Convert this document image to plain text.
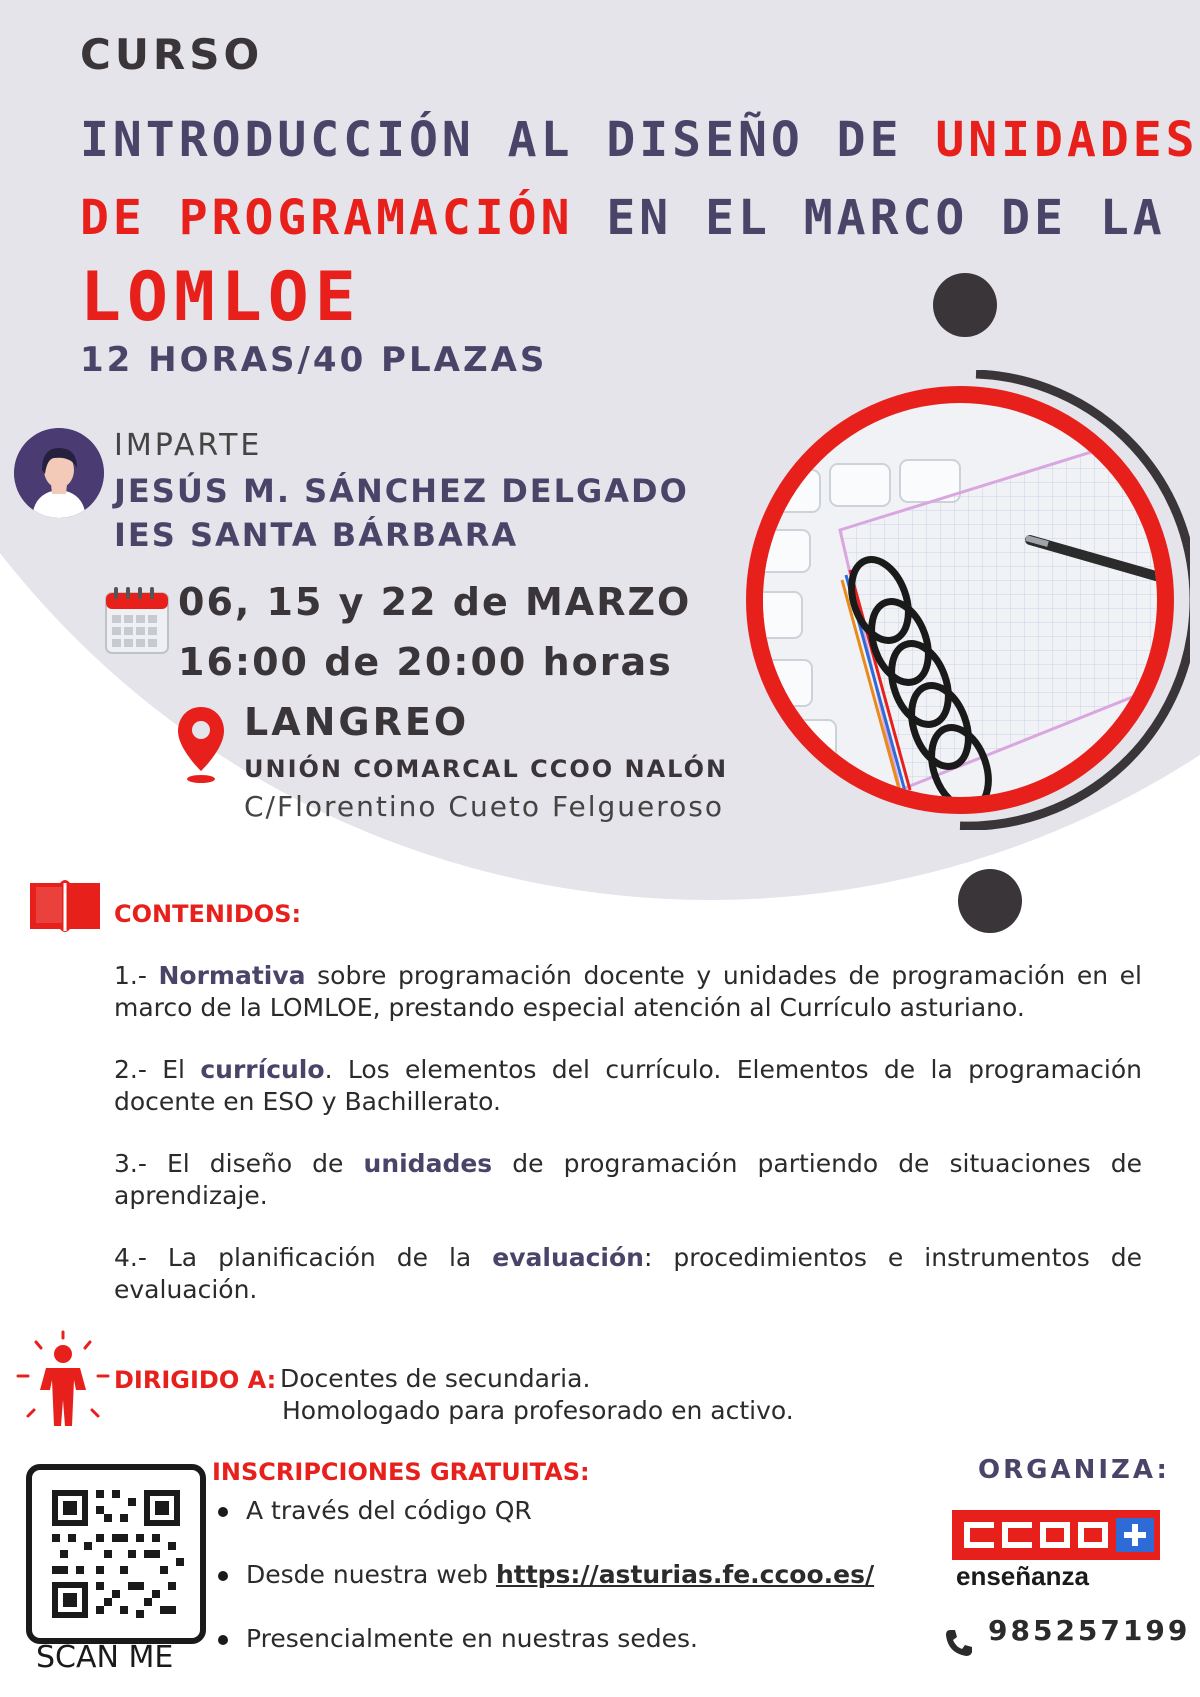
CURSO
INTRODUCCIÓN AL DISEÑO DE UNIDADES
DE PROGRAMACIÓN EN EL MARCO DE LA
LOMLOE
12 HORAS/40 PLAZAS
IMPARTE
JESÚS M. SÁNCHEZ DELGADO
IES SANTA BÁRBARA
06, 15 y 22 de MARZO
16:00 de 20:00 horas
LANGREO
UNIÓN COMARCAL CCOO NALÓN
C/Florentino Cueto Felgueroso
CONTENIDOS:

1.- Normativa sobre programación docente y unidades de programación en el marco de la LOMLOE, prestando especial atención al Currículo asturiano.

2.- El currículo. Los elementos del currículo. Elementos de la programación docente en ESO y Bachillerato.

3.- El diseño de unidades de programación partiendo de situaciones de aprendizaje.

4.- La planificación de la evaluación: procedimientos e instrumentos de evaluación.

DIRIGIDO A: Docentes de secundaria.
Homologado para profesorado en activo.
SCAN ME
INSCRIPCIONES GRATUITAS:
A través del código QR
Desde nuestra web https://asturias.fe.ccoo.es/
Presencialmente en nuestras sedes.
ORGANIZA:
enseñanza
985257199
